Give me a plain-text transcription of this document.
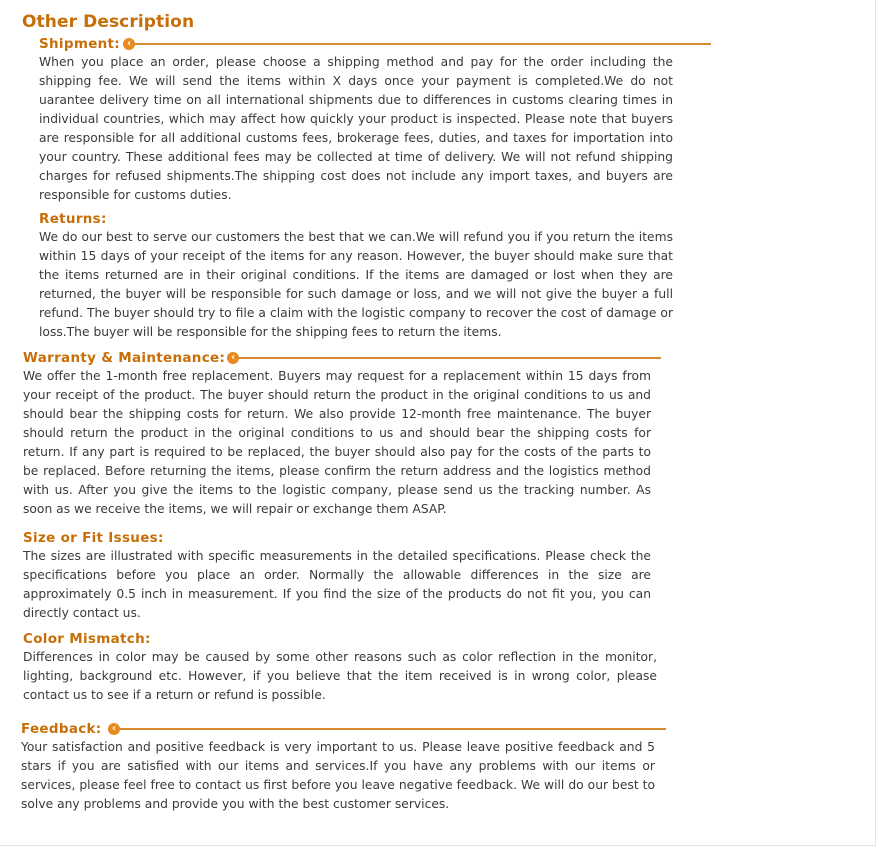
Other Description
Shipment: ‹

When you place an order, please choose a shipping method and pay for the order including the shipping fee. We will send the items within X days once your payment is completed.We do not uarantee delivery time on all international shipments due to differences in customs clearing times in individual countries, which may affect how quickly your product is inspected. Please note that buyers are responsible for all additional customs fees, brokerage fees, duties, and taxes for importation into your country. These additional fees may be collected at time of delivery. We will not refund shipping charges for refused shipments.The shipping cost does not include any import taxes, and buyers are responsible for customs duties.

Returns:

We do our best to serve our customers the best that we can.We will refund you if you return the items within 15 days of your receipt of the items for any reason. However, the buyer should make sure that the items returned are in their original conditions. If the items are damaged or lost when they are returned, the buyer will be responsible for such damage or loss, and we will not give the buyer a full refund. The buyer should try to file a claim with the logistic company to recover the cost of damage or loss.The buyer will be responsible for the shipping fees to return the items.

Warranty & Maintenance: ‹

We offer the 1-month free replacement. Buyers may request for a replacement within 15 days from your receipt of the product. The buyer should return the product in the original conditions to us and should bear the shipping costs for return. We also provide 12-month free maintenance. The buyer should return the product in the original conditions to us and should bear the shipping costs for return. If any part is required to be replaced, the buyer should also pay for the costs of the parts to be replaced. Before returning the items, please confirm the return address and the logistics method with us. After you give the items to the logistic company, please send us the tracking number. As soon as we receive the items, we will repair or exchange them ASAP.

Size or Fit Issues:

The sizes are illustrated with specific measurements in the detailed specifications. Please check the specifications before you place an order. Normally the allowable differences in the size are approximately 0.5 inch in measurement. If you find the size of the products do not fit you, you can directly contact us.

Color Mismatch:

Differences in color may be caused by some other reasons such as color reflection in the monitor, lighting, background etc. However, if you believe that the item received is in wrong color, please contact us to see if a return or refund is possible.

Feedback:	‹

Your satisfaction and positive feedback is very important to us. Please leave positive feedback and 5 stars if you are satisfied with our items and services.If you have any problems with our items or services, please feel free to contact us first before you leave negative feedback. We will do our best to solve any problems and provide you with the best customer services.
